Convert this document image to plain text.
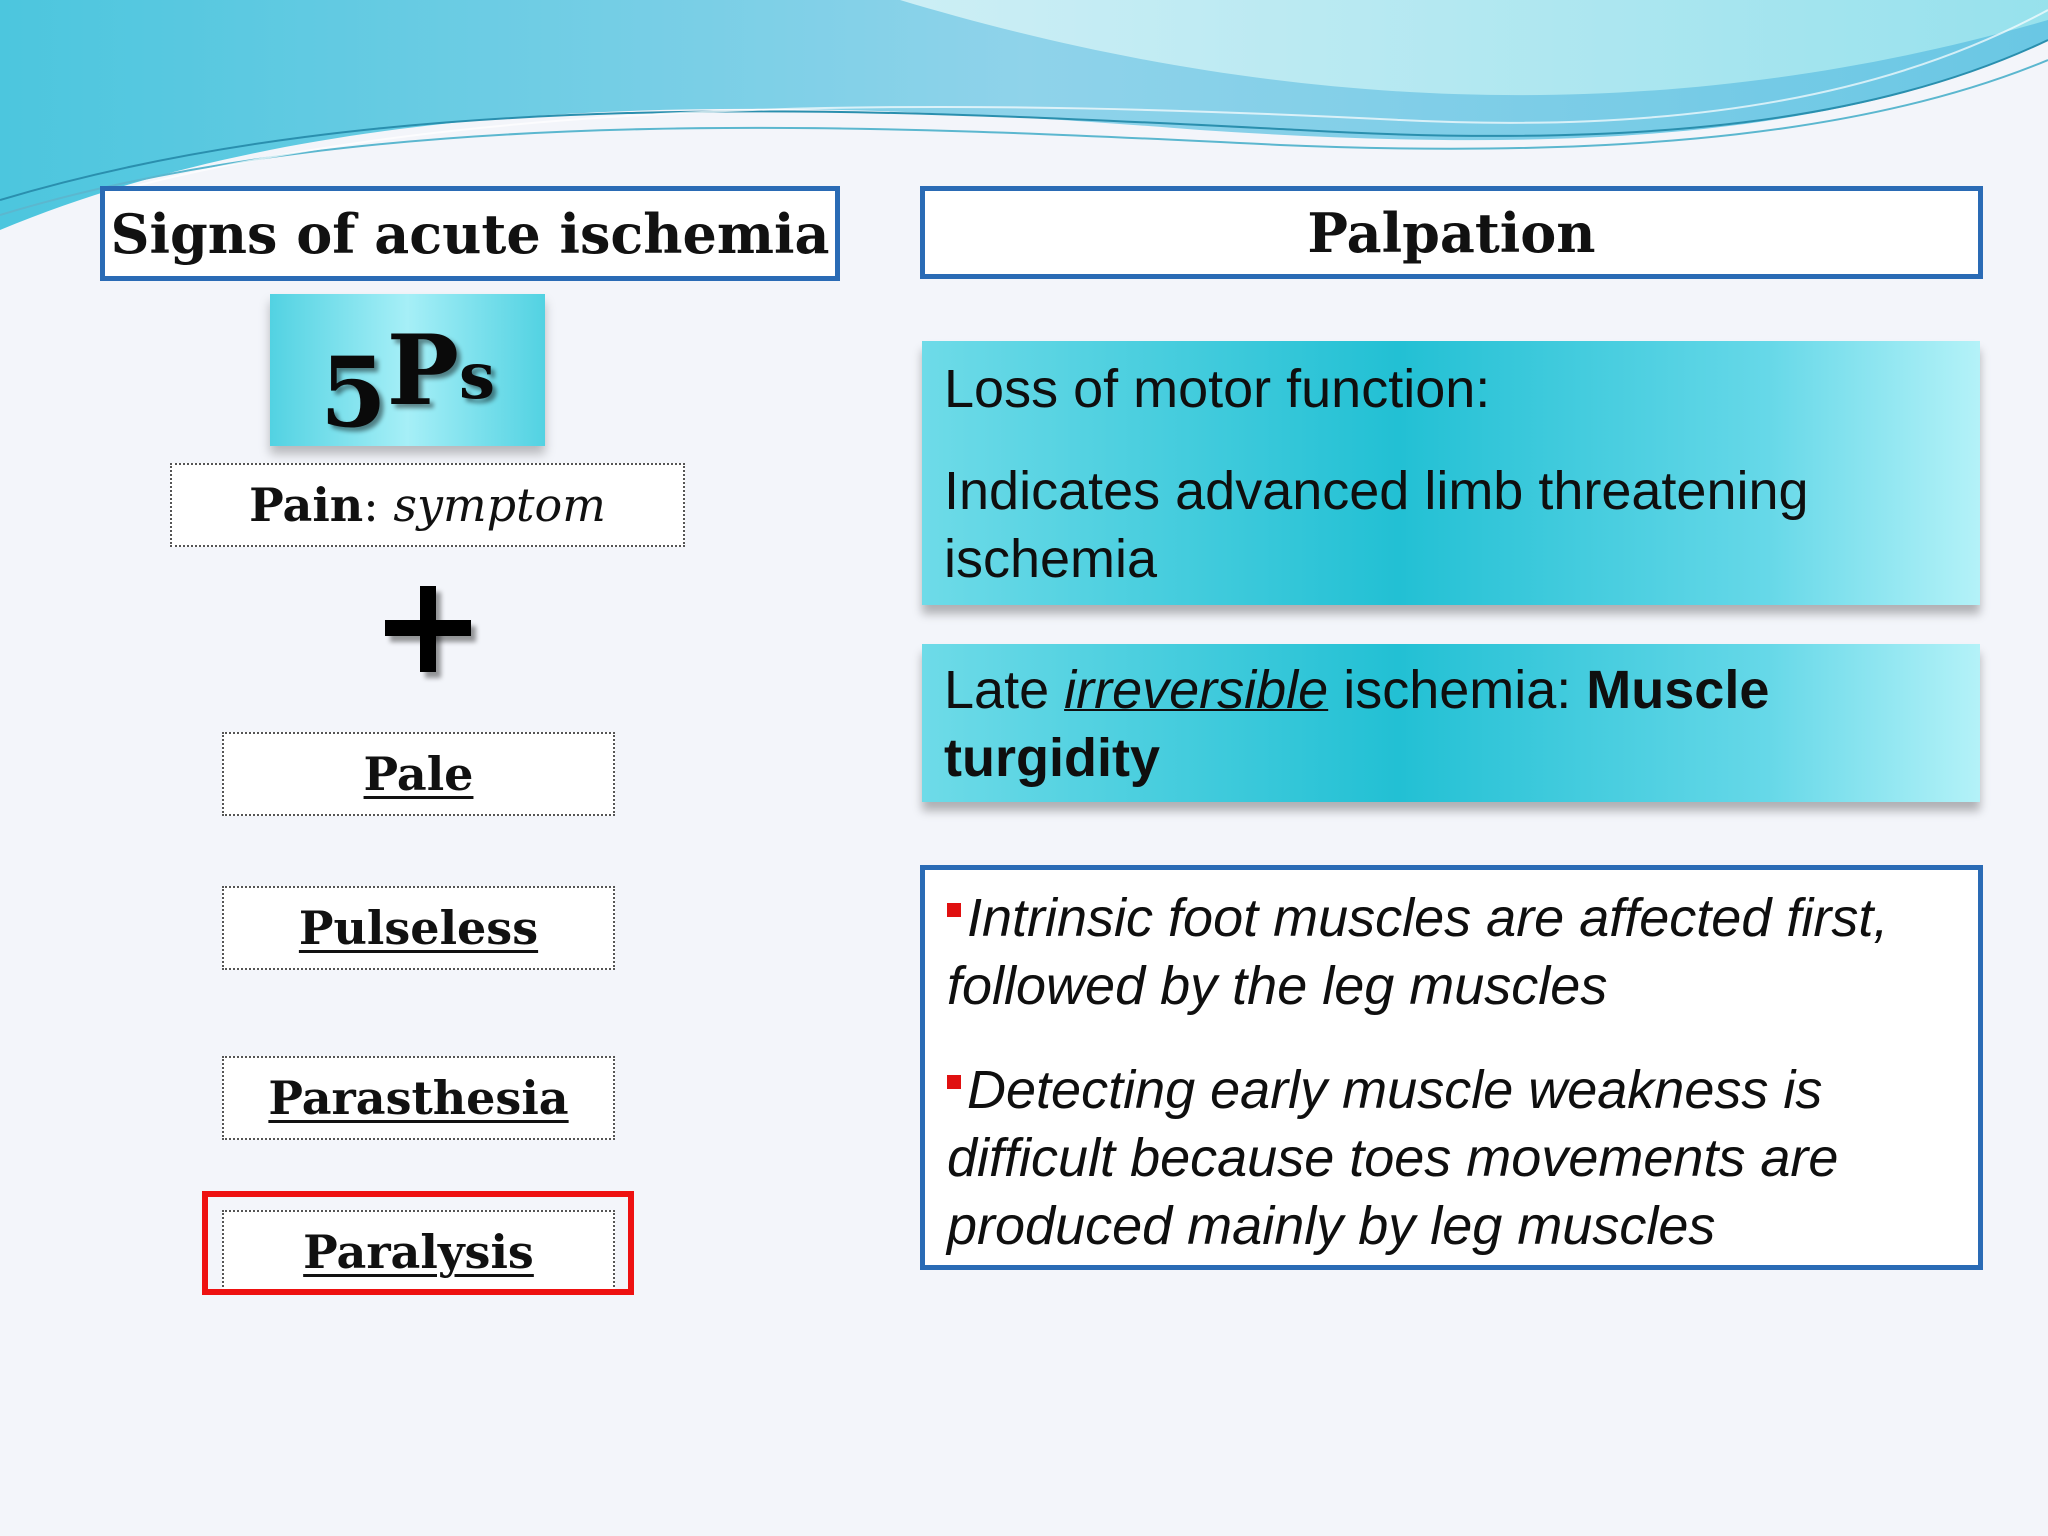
Signs of acute ischemia	Palpation
5 P s
Pain : symptom
Pale
Pulseless
Parasthesia
Paralysis

Loss of motor function:

Indicates advanced limb threatening ischemia

Late irreversible ischemia: Muscle turgidity
Intrinsic foot muscles are affected first, followed by the leg muscles
Detecting early muscle weakness is difficult because toes movements are produced mainly by leg muscles
